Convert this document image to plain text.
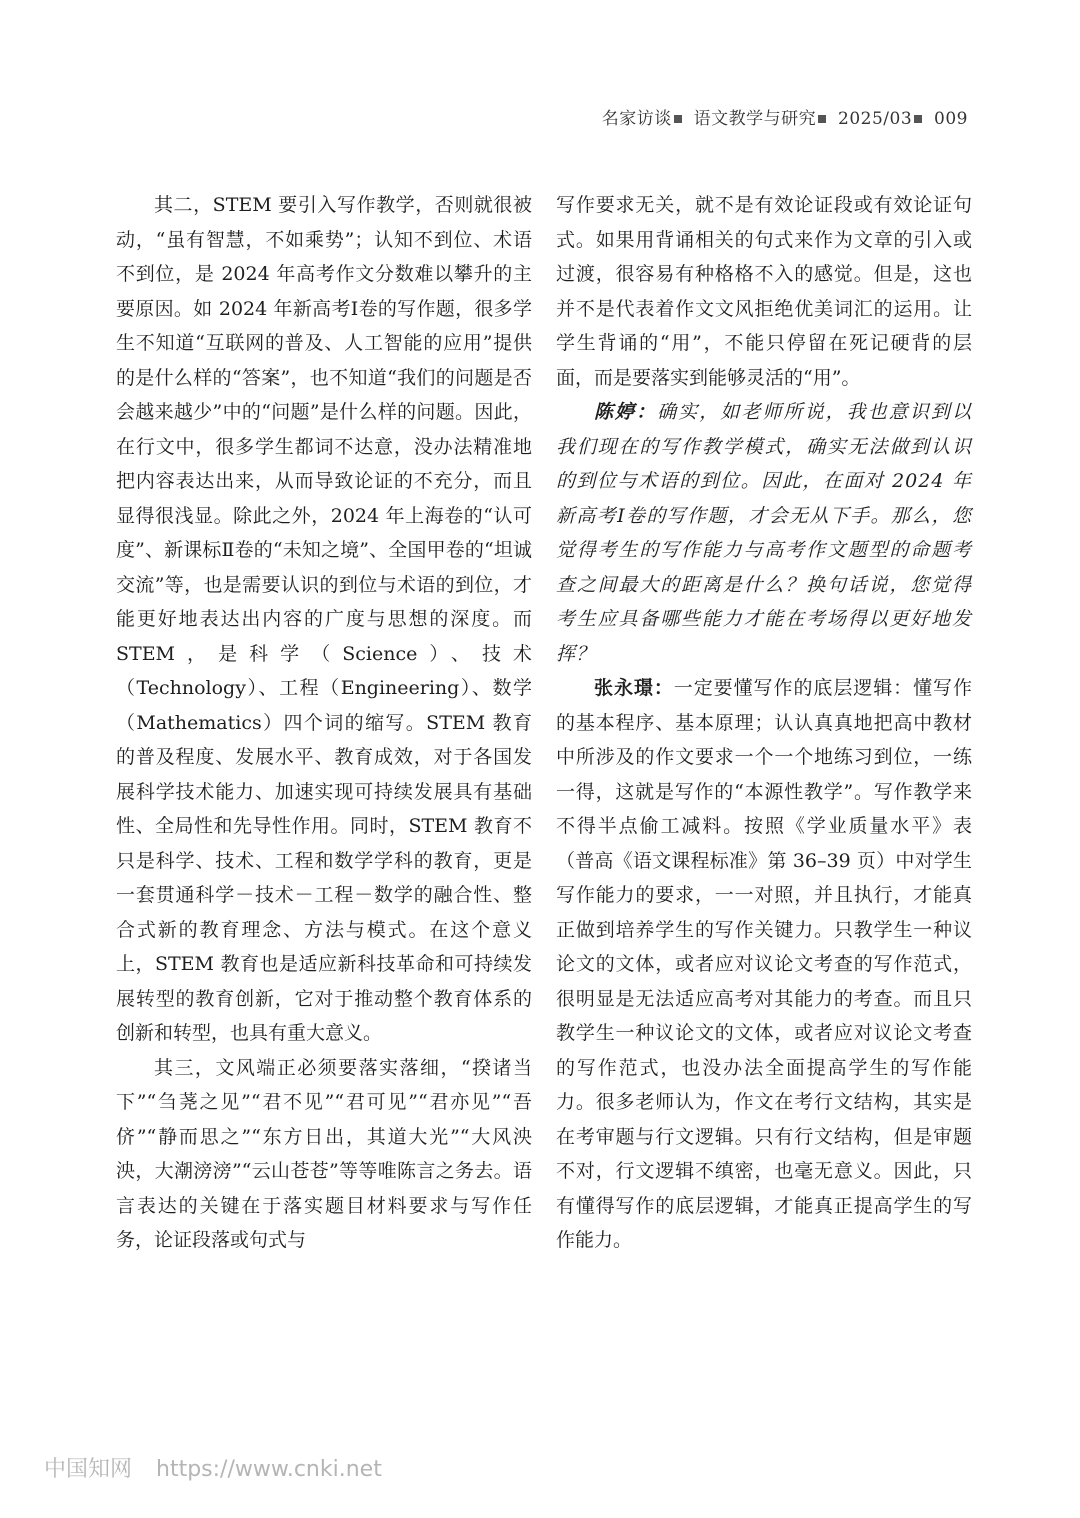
名家访谈 语文教学与研究 2025/03 009

其二，STEM 要引入写作教学，否则就很被动，“虽有智慧，不如乘势”；认知不到位、术语不到位，是 2024 年高考作文分数难以攀升的主要原因。如 2024 年新高考Ⅰ卷的写作题，很多学生不知道“互联网的普及、人工智能的应用”提供的是什么样的“答案”，也不知道“我们的问题是否会越来越少”中的“问题”是什么样的问题。因此，在行文中，很多学生都词不达意，没办法精准地把内容表达出来，从而导致论证的不充分，而且显得很浅显。除此之外，2024 年上海卷的“认可度”、新课标Ⅱ卷的“未知之境”、全国甲卷的“坦诚交流”等，也是需要认识的到位与术语的到位，才能更好地表达出内容的广度与思想的深度。而 STEM，是科学（Science）、技术（Technology）、工程（Engineering）、数学（Mathematics）四个词的缩写。STEM 教育的普及程度、发展水平、教育成效，对于各国发展科学技术能力、加速实现可持续发展具有基础性、全局性和先导性作用。同时，STEM 教育不只是科学、技术、工程和数学学科的教育，更是一套贯通科学－技术－工程－数学的融合性、整合式新的教育理念、方法与模式。在这个意义上，STEM 教育也是适应新科技革命和可持续发展转型的教育创新，它对于推动整个教育体系的创新和转型，也具有重大意义。

其三，文风端正必须要落实落细，“揆诸当下”“刍荛之见”“君不见”“君可见”“君亦见”“吾侪”“静而思之”“东方日出，其道大光”“大风泱泱，大潮滂滂”“云山苍苍”等等唯陈言之务去。语言表达的关键在于落实题目材料要求与写作任务，论证段落或句式与

写作要求无关，就不是有效论证段或有效论证句式。如果用背诵相关的句式来作为文章的引入或过渡，很容易有种格格不入的感觉。但是，这也并不是代表着作文文风拒绝优美词汇的运用。让学生背诵的“用”，不能只停留在死记硬背的层面，而是要落实到能够灵活的“用”。

陈婷：确实，如老师所说，我也意识到以我们现在的写作教学模式，确实无法做到认识的到位与术语的到位。因此，在面对 2024 年新高考Ⅰ卷的写作题，才会无从下手。那么，您觉得考生的写作能力与高考作文题型的命题考查之间最大的距离是什么？换句话说，您觉得考生应具备哪些能力才能在考场得以更好地发挥？

张永璟：一定要懂写作的底层逻辑：懂写作的基本程序、基本原理；认认真真地把高中教材中所涉及的作文要求一个一个地练习到位，一练一得，这就是写作的“本源性教学”。写作教学来不得半点偷工减料。按照《学业质量水平》表（普高《语文课程标准》第 36–39 页）中对学生写作能力的要求，一一对照，并且执行，才能真正做到培养学生的写作关键力。只教学生一种议论文的文体，或者应对议论文考查的写作范式，很明显是无法适应高考对其能力的考查。而且只教学生一种议论文的文体，或者应对议论文考查的写作范式，也没办法全面提高学生的写作能力。很多老师认为，作文在考行文结构，其实是在考审题与行文逻辑。只有行文结构，但是审题不对，行文逻辑不缜密，也毫无意义。因此，只有懂得写作的底层逻辑，才能真正提高学生的写作能力。

中国知网 https://www.cnki.net
